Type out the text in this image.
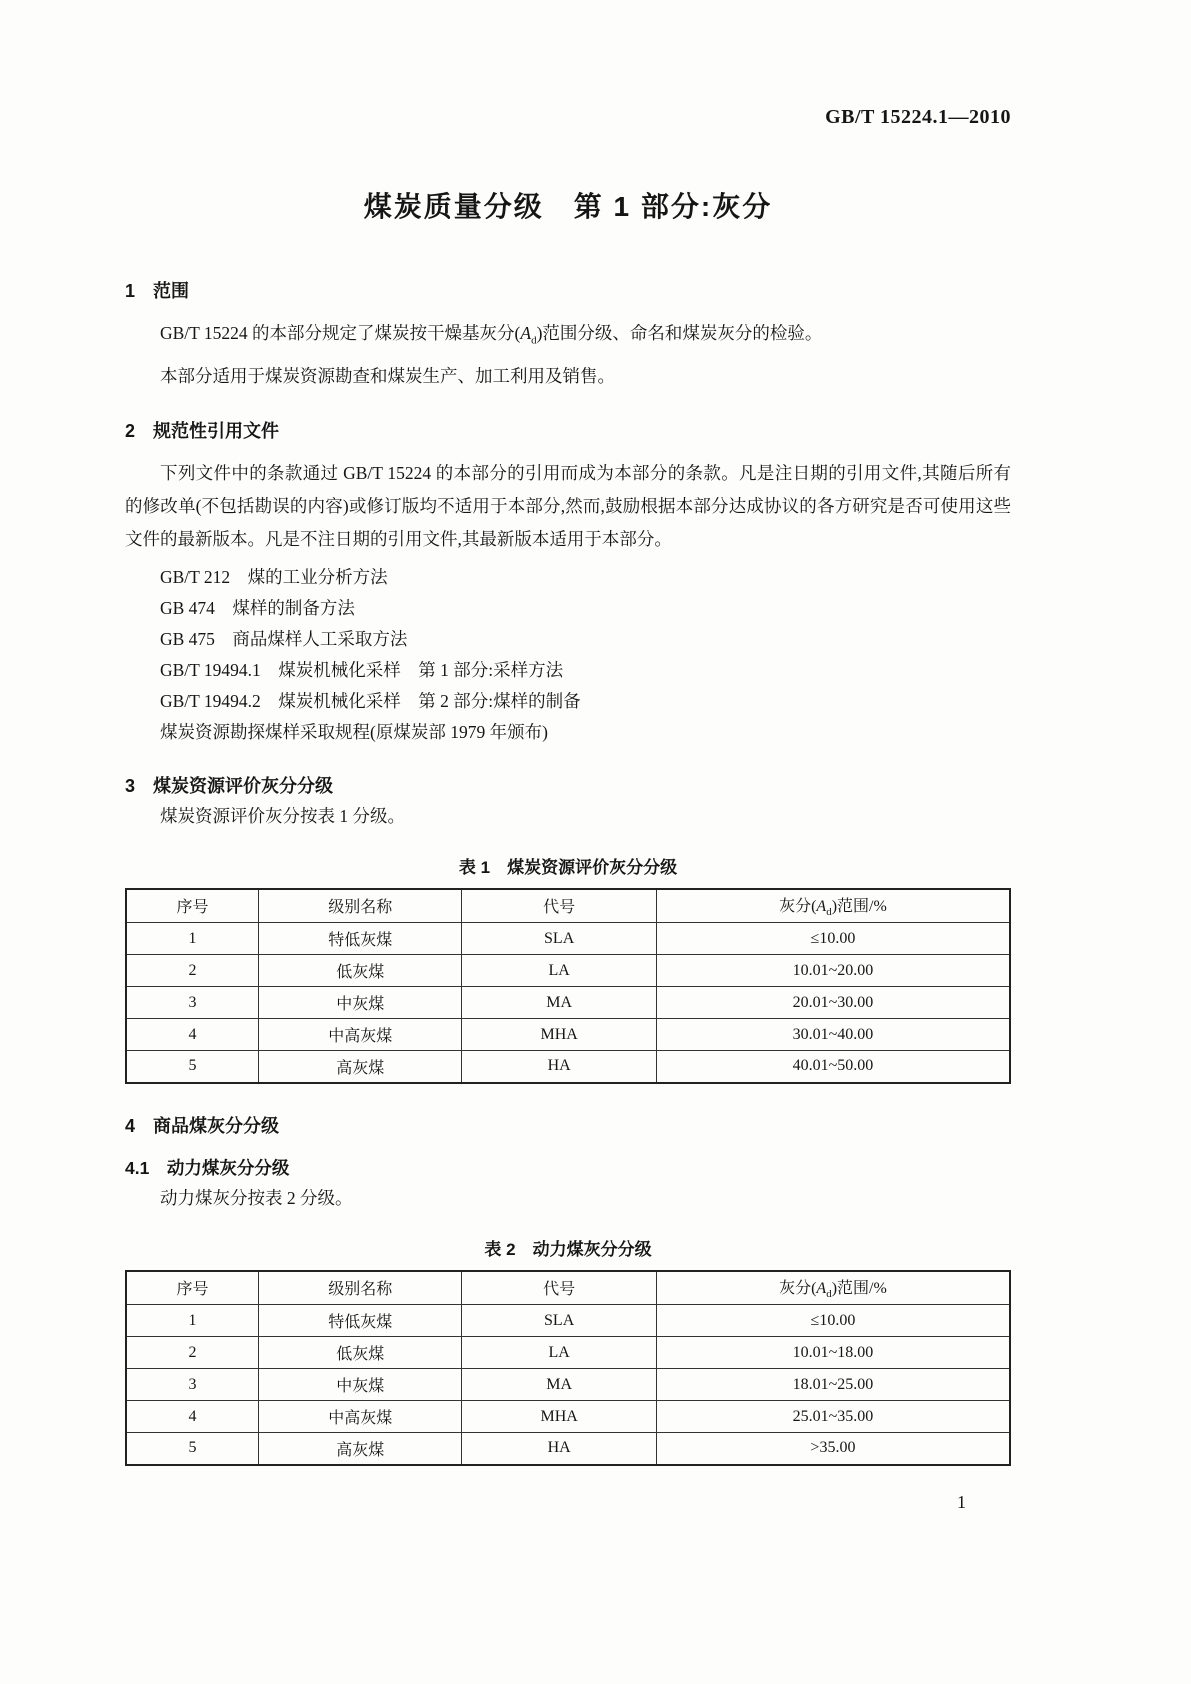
GB/T 15224.1—2010
煤炭质量分级　第 1 部分:灰分
1　范围

GB/T 15224 的本部分规定了煤炭按干燥基灰分$(A_d)$范围分级、命名和煤炭灰分的检验。

本部分适用于煤炭资源勘查和煤炭生产、加工利用及销售。

2　规范性引用文件

下列文件中的条款通过 GB/T 15224 的本部分的引用而成为本部分的条款。凡是注日期的引用文件,其随后所有的修改单(不包括勘误的内容)或修订版均不适用于本部分,然而,鼓励根据本部分达成协议的各方研究是否可使用这些文件的最新版本。凡是不注日期的引用文件,其最新版本适用于本部分。

GB/T 212　煤的工业分析方法
GB 474　煤样的制备方法
GB 475　商品煤样人工采取方法
GB/T 19494.1　煤炭机械化采样　第 1 部分:采样方法
GB/T 19494.2　煤炭机械化采样　第 2 部分:煤样的制备
煤炭资源勘探煤样采取规程(原煤炭部 1979 年颁布)
3　煤炭资源评价灰分分级

煤炭资源评价灰分按表 1 分级。

表 1　煤炭资源评价灰分分级
序号	级别名称	代号	灰分$(A_d)$范围/%
1	特低灰煤	SLA	≤10.00
2	低灰煤	LA	10.01~20.00
3	中灰煤	MA	20.01~30.00
4	中高灰煤	MHA	30.01~40.00
5	高灰煤	HA	40.01~50.00
4　商品煤灰分分级
4.1　动力煤灰分分级

动力煤灰分按表 2 分级。

表 2　动力煤灰分分级
序号	级别名称	代号	灰分$(A_d)$范围/%
1	特低灰煤	SLA	≤10.00
2	低灰煤	LA	10.01~18.00
3	中灰煤	MA	18.01~25.00
4	中高灰煤	MHA	25.01~35.00
5	高灰煤	HA	>35.00
1
